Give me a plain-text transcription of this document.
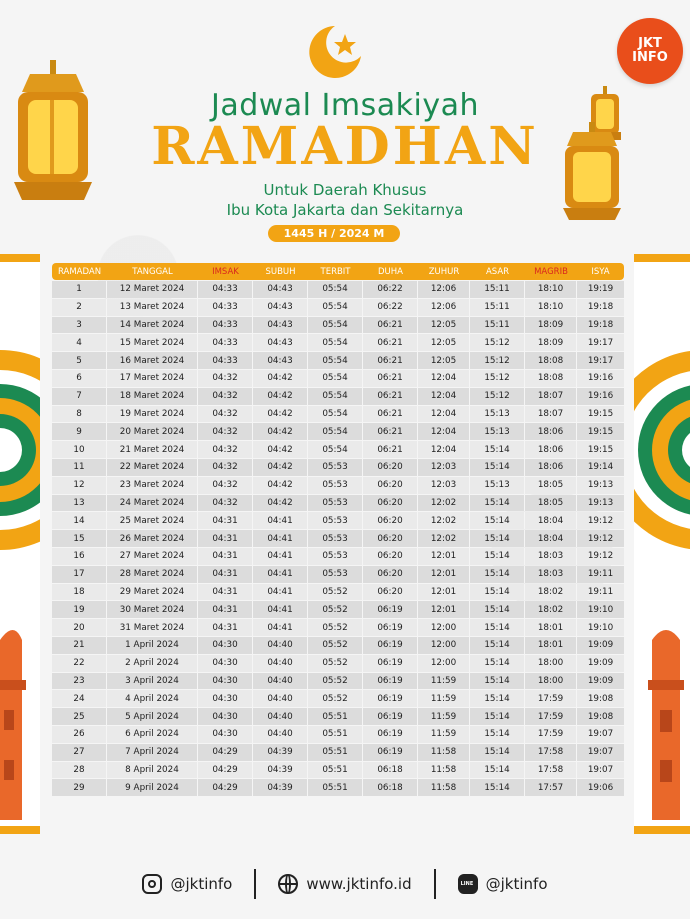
JKT
INFO
Jadwal Imsakiyah
RAMADHAN
Untuk Daerah Khusus
Ibu Kota Jakarta dan Sekitarnya
1445 H / 2024 M
RAMADAN	TANGGAL	IMSAK	SUBUH	TERBIT	DUHA	ZUHUR	ASAR	MAGRIB	ISYA
1	12 Maret 2024	04:33	04:43	05:54	06:22	12:06	15:11	18:10	19:19
2	13 Maret 2024	04:33	04:43	05:54	06:22	12:06	15:11	18:10	19:18
3	14 Maret 2024	04:33	04:43	05:54	06:21	12:05	15:11	18:09	19:18
4	15 Maret 2024	04:33	04:43	05:54	06:21	12:05	15:12	18:09	19:17
5	16 Maret 2024	04:33	04:43	05:54	06:21	12:05	15:12	18:08	19:17
6	17 Maret 2024	04:32	04:42	05:54	06:21	12:04	15:12	18:08	19:16
7	18 Maret 2024	04:32	04:42	05:54	06:21	12:04	15:12	18:07	19:16
8	19 Maret 2024	04:32	04:42	05:54	06:21	12:04	15:13	18:07	19:15
9	20 Maret 2024	04:32	04:42	05:54	06:21	12:04	15:13	18:06	19:15
10	21 Maret 2024	04:32	04:42	05:54	06:21	12:04	15:14	18:06	19:15
11	22 Maret 2024	04:32	04:42	05:53	06:20	12:03	15:14	18:06	19:14
12	23 Maret 2024	04:32	04:42	05:53	06:20	12:03	15:13	18:05	19:13
13	24 Maret 2024	04:32	04:42	05:53	06:20	12:02	15:14	18:05	19:13
14	25 Maret 2024	04:31	04:41	05:53	06:20	12:02	15:14	18:04	19:12
15	26 Maret 2024	04:31	04:41	05:53	06:20	12:02	15:14	18:04	19:12
16	27 Maret 2024	04:31	04:41	05:53	06:20	12:01	15:14	18:03	19:12
17	28 Maret 2024	04:31	04:41	05:53	06:20	12:01	15:14	18:03	19:11
18	29 Maret 2024	04:31	04:41	05:52	06:20	12:01	15:14	18:02	19:11
19	30 Maret 2024	04:31	04:41	05:52	06:19	12:01	15:14	18:02	19:10
20	31 Maret 2024	04:31	04:41	05:52	06:19	12:00	15:14	18:01	19:10
21	1 April 2024	04:30	04:40	05:52	06:19	12:00	15:14	18:01	19:09
22	2 April 2024	04:30	04:40	05:52	06:19	12:00	15:14	18:00	19:09
23	3 April 2024	04:30	04:40	05:52	06:19	11:59	15:14	18:00	19:09
24	4 April 2024	04:30	04:40	05:52	06:19	11:59	15:14	17:59	19:08
25	5 April 2024	04:30	04:40	05:51	06:19	11:59	15:14	17:59	19:08
26	6 April 2024	04:30	04:40	05:51	06:19	11:59	15:14	17:59	19:07
27	7 April 2024	04:29	04:39	05:51	06:19	11:58	15:14	17:58	19:07
28	8 April 2024	04:29	04:39	05:51	06:18	11:58	15:14	17:58	19:07
29	9 April 2024	04:29	04:39	05:51	06:18	11:58	15:14	17:57	19:06
@jktinfo	www.jktinfo.id LINE	@jktinfo
